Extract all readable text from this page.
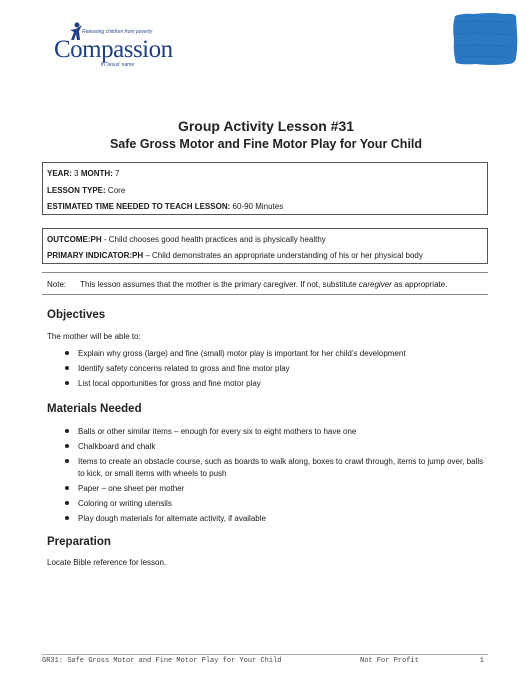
Releasing children from poverty
Compassion
in Jesus' name
Group Activity Lesson #31
Safe Gross Motor and Fine Motor Play for Your Child
YEAR: 3 MONTH: 7
LESSON TYPE: Core
ESTIMATED TIME NEEDED TO TEACH LESSON: 60-90 Minutes
OUTCOME:PH - Child chooses good health practices and is physically healthy
PRIMARY INDICATOR:PH – Child demonstrates an appropriate understanding of his or her physical body
Note: This lesson assumes that the mother is the primary caregiver. If not, substitute caregiver as appropriate.
Objectives
The mother will be able to:
Explain why gross (large) and fine (small) motor play is important for her child’s development
Identify safety concerns related to gross and fine motor play
List local opportunities for gross and fine motor play
Materials Needed
Balls or other similar items – enough for every six to eight mothers to have one
Chalkboard and chalk
Items to create an obstacle course, such as boards to walk along, boxes to crawl through, items to jump over, balls to kick, or small items with wheels to push
Paper – one sheet per mother
Coloring or writing utensils
Play dough materials for alternate activity, if available
Preparation
Locate Bible reference for lesson.
GR31: Safe Gross Motor and Fine Motor Play for Your Child	Not For Profit	1
